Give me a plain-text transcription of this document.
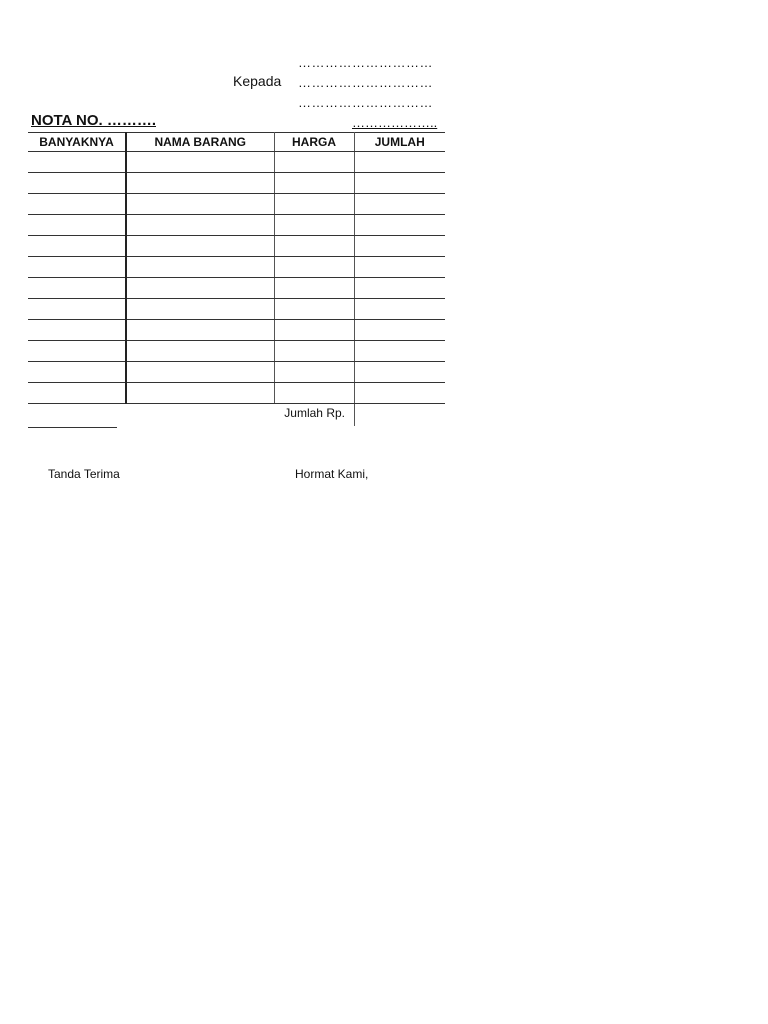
…………………………
Kepada …………………………
…………………………
NOTA NO. ……….	………………..
BANYAKNYA	NAMA BARANG	HARGA	JUMLAH

Jumlah Rp.
Tanda Terima	Hormat Kami,
